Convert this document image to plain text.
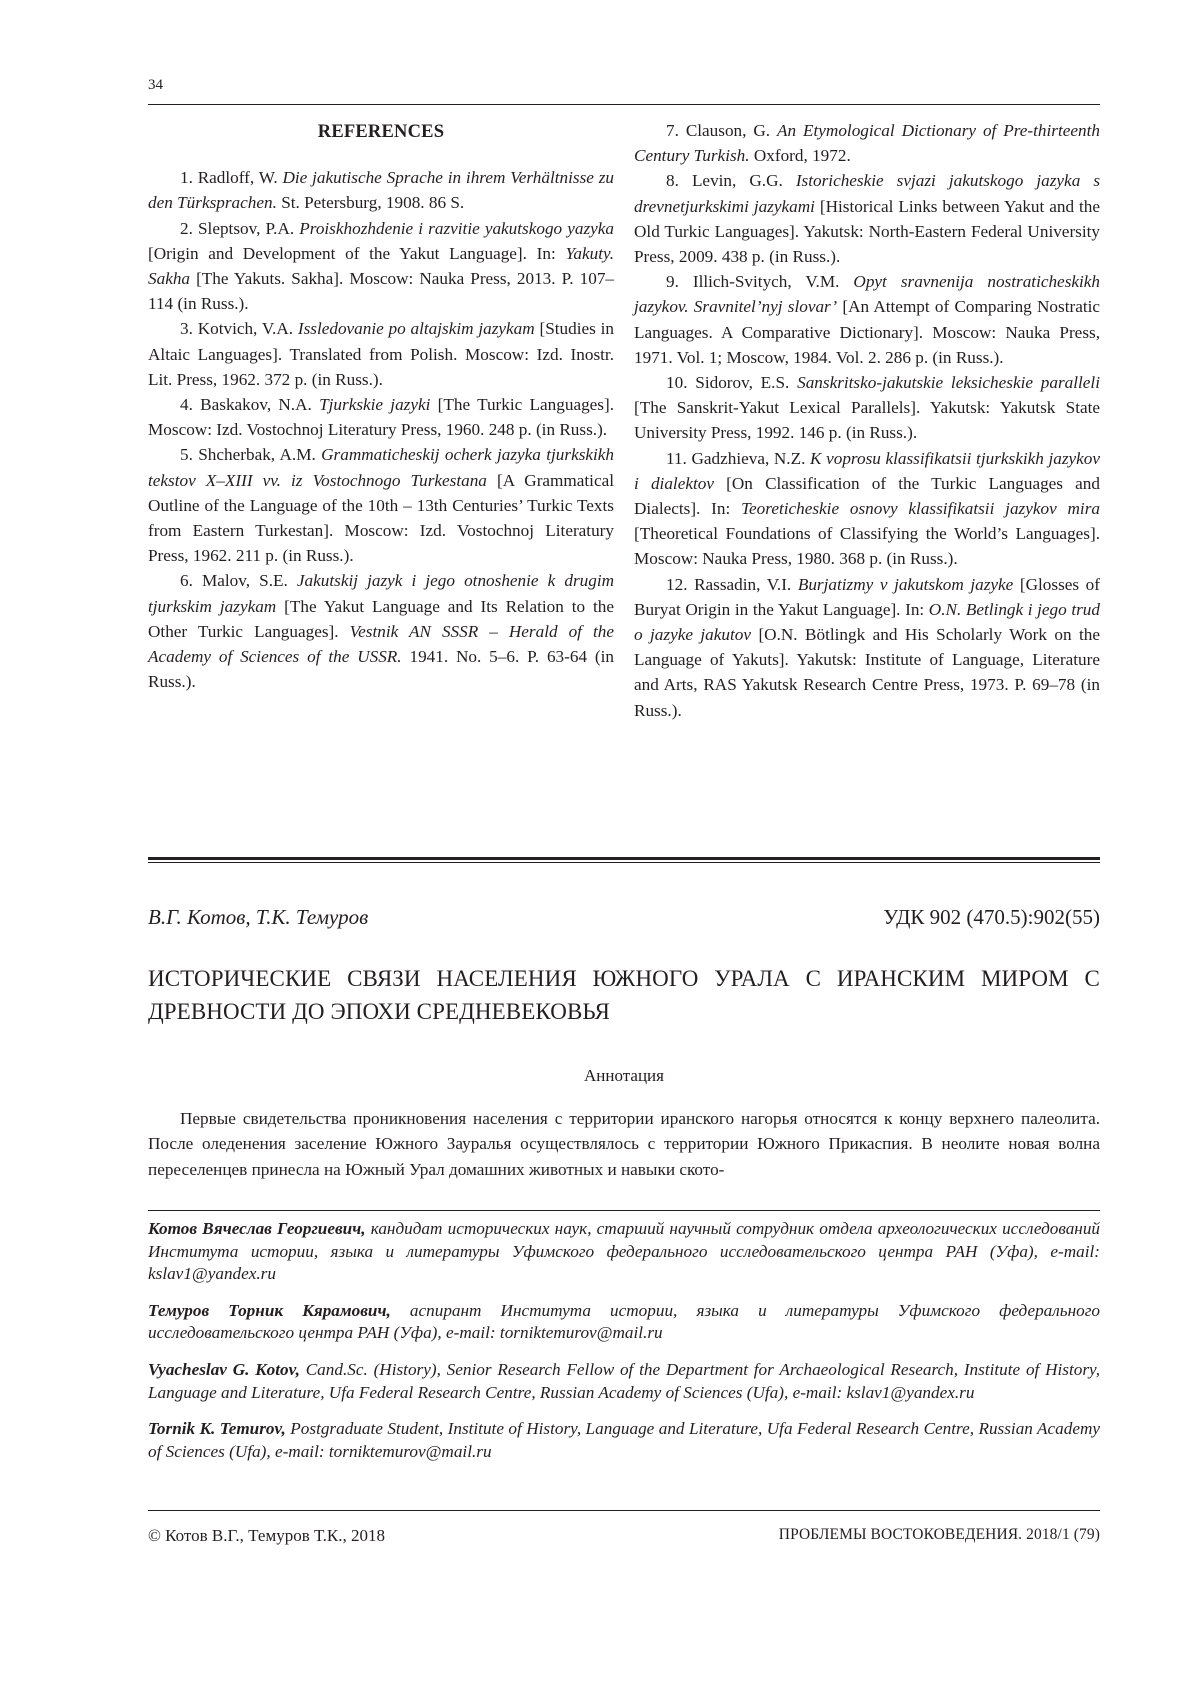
34
REFERENCES

1. Radloff, W. Die jakutische Sprache in ihrem Verhältnisse zu den Türksprachen. St. Petersburg, 1908. 86 S.

2. Sleptsov, P.A. Proiskhozhdenie i razvitie yakutskogo yazyka [Origin and Development of the Yakut Language]. In: Yakuty. Sakha [The Yakuts. Sakha]. Moscow: Nauka Press, 2013. P. 107–114 (in Russ.).

3. Kotvich, V.A. Issledovanie po altajskim jazykam [Studies in Altaic Languages]. Translated from Polish. Moscow: Izd. Inostr. Lit. Press, 1962. 372 p. (in Russ.).

4. Baskakov, N.A. Tjurkskie jazyki [The Turkic Languages]. Moscow: Izd. Vostochnoj Literatury Press, 1960. 248 p. (in Russ.).

5. Shcherbak, A.M. Grammaticheskij ocherk jazyka tjurkskikh tekstov X–XIII vv. iz Vostochnogo Turkestana [A Grammatical Outline of the Language of the 10th – 13th Centuries’ Turkic Texts from Eastern Turkestan]. Moscow: Izd. Vostochnoj Literatury Press, 1962. 211 p. (in Russ.).

6. Malov, S.E. Jakutskij jazyk i jego otnoshenie k drugim tjurkskim jazykam [The Yakut Language and Its Relation to the Other Turkic Languages]. Vestnik AN SSSR – Herald of the Academy of Sciences of the USSR. 1941. No. 5–6. P. 63-64 (in Russ.).

7. Clauson, G. An Etymological Dictionary of Pre-thirteenth Century Turkish. Oxford, 1972.

8. Levin, G.G. Istoricheskie svjazi jakutskogo jazyka s drevnetjurkskimi jazykami [Historical Links between Yakut and the Old Turkic Languages]. Yakutsk: North-Eastern Federal University Press, 2009. 438 p. (in Russ.).

9. Illich-Svitych, V.M. Opyt sravnenija nostraticheskikh jazykov. Sravnitel’nyj slovar’ [An Attempt of Comparing Nostratic Languages. A Comparative Dictionary]. Moscow: Nauka Press, 1971. Vol. 1; Moscow, 1984. Vol. 2. 286 p. (in Russ.).

10. Sidorov, E.S. Sanskritsko-jakutskie leksicheskie paralleli [The Sanskrit-Yakut Lexical Parallels]. Yakutsk: Yakutsk State University Press, 1992. 146 p. (in Russ.).

11. Gadzhieva, N.Z. K voprosu klassifikatsii tjurkskikh jazykov i dialektov [On Classification of the Turkic Languages and Dialects]. In: Teoreticheskie osnovy klassifikatsii jazykov mira [Theoretical Foundations of Classifying the World’s Languages]. Moscow: Nauka Press, 1980. 368 p. (in Russ.).

12. Rassadin, V.I. Burjatizmy v jakutskom jazyke [Glosses of Buryat Origin in the Yakut Language]. In: O.N. Betlingk i jego trud o jazyke jakutov [O.N. Bötlingk and His Scholarly Work on the Language of Yakuts]. Yakutsk: Institute of Language, Literature and Arts, RAS Yakutsk Research Centre Press, 1973. P. 69–78 (in Russ.).

В.Г. Котов, Т.К. Темуров	УДК 902 (470.5):902(55)
ИСТОРИЧЕСКИЕ СВЯЗИ НАСЕЛЕНИЯ ЮЖНОГО УРАЛА С ИРАНСКИМ МИРОМ С ДРЕВНОСТИ ДО ЭПОХИ СРЕДНЕВЕКОВЬЯ
Аннотация

Первые свидетельства проникновения населения с территории иранского нагорья относятся к концу верхнего палеолита. После оледенения заселение Южного Зауралья осуществлялось с территории Южного Прикаспия. В неолите новая волна переселенцев принесла на Южный Урал домашних животных и навыки ското-

Котов Вячеслав Георгиевич, кандидат исторических наук, старший научный сотрудник отдела археологических исследований Института истории, языка и литературы Уфимского федерального исследовательского центра РАН (Уфа), e-mail: kslav1@yandex.ru

Темуров Торник Кярамович, аспирант Института истории, языка и литературы Уфимского федерального исследовательского центра РАН (Уфа), e-mail: torniktemurov@mail.ru

Vyacheslav G. Kotov, Cand.Sc. (History), Senior Research Fellow of the Department for Archaeological Research, Institute of History, Language and Literature, Ufa Federal Research Centre, Russian Academy of Sciences (Ufa), e-mail: kslav1@yandex.ru

Tornik K. Temurov, Postgraduate Student, Institute of History, Language and Literature, Ufa Federal Research Centre, Russian Academy of Sciences (Ufa), e-mail: torniktemurov@mail.ru

© Котов В.Г., Темуров Т.К., 2018	ПРОБЛЕМЫ ВОСТОКОВЕДЕНИЯ. 2018/1 (79)
